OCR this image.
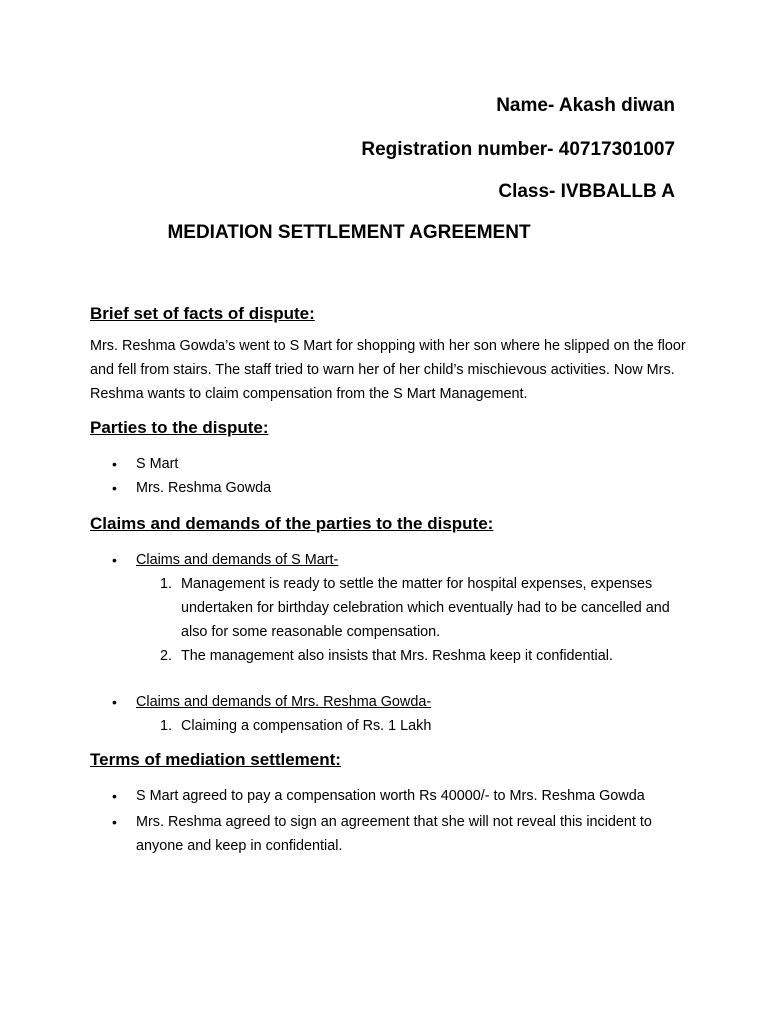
Name- Akash diwan

Registration number- 40717301007

Class- IVBBALLB A

MEDIATION SETTLEMENT AGREEMENT
Brief set of facts of dispute:

Mrs. Reshma Gowda’s went to S Mart for shopping with her son where he slipped on the floor and fell from stairs. The staff tried to warn her of her child’s mischievous activities. Now Mrs. Reshma wants to claim compensation from the S Mart Management.

Parties to the dispute:
• S Mart
• Mrs. Reshma Gowda
Claims and demands of the parties to the dispute:
• Claims and demands of S Mart-
1. Management is ready to settle the matter for hospital expenses, expenses undertaken for birthday celebration which eventually had to be cancelled and also for some reasonable compensation.
2. The management also insists that Mrs. Reshma keep it confidential.
• Claims and demands of Mrs. Reshma Gowda-
1. Claiming a compensation of Rs. 1 Lakh
Terms of mediation settlement:
• S Mart agreed to pay a compensation worth Rs 40000/- to Mrs. Reshma Gowda
• Mrs. Reshma agreed to sign an agreement that she will not reveal this incident to anyone and keep in confidential.
